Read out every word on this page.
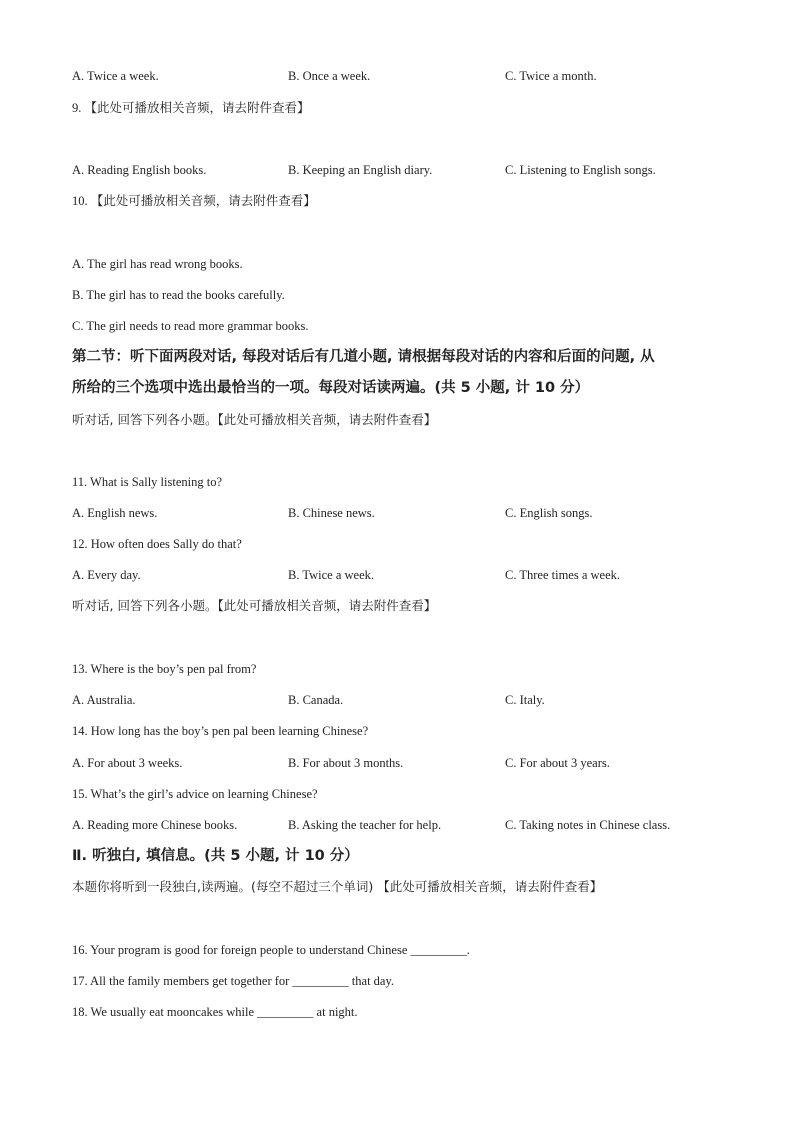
A. Twice a week.	B. Once a week.	C. Twice a month.
9. 【此处可播放相关音频，请去附件查看】
A. Reading English books.	B. Keeping an English diary.	C. Listening to English songs.
10. 【此处可播放相关音频，请去附件查看】
A. The girl has read wrong books.
B. The girl has to read the books carefully.
C. The girl needs to read more grammar books.
第二节：听下面两段对话, 每段对话后有几道小题, 请根据每段对话的内容和后面的问题, 从
所给的三个选项中选出最恰当的一项。每段对话读两遍。(共 5 小题, 计 10 分）
听对话, 回答下列各小题。【此处可播放相关音频，请去附件查看】
11. What is Sally listening to?
A. English news.	B. Chinese news.	C. English songs.
12. How often does Sally do that?
A. Every day.	B. Twice a week.	C. Three times a week.
听对话, 回答下列各小题。【此处可播放相关音频，请去附件查看】
13. Where is the boy’s pen pal from?
A. Australia.	B. Canada.	C. Italy.
14. How long has the boy’s pen pal been learning Chinese?
A. For about 3 weeks.	B. For about 3 months.	C. For about 3 years.
15. What’s the girl’s advice on learning Chinese?
A. Reading more Chinese books.	B. Asking the teacher for help.	C. Taking notes in Chinese class.
Ⅱ. 听独白, 填信息。(共 5 小题, 计 10 分）
本题你将听到一段独白,读两遍。(每空不超过三个单词) 【此处可播放相关音频，请去附件查看】
16. Your program is good for foreign people to understand Chinese _________.
17. All the family members get together for _________ that day.
18. We usually eat mooncakes while _________ at night.
